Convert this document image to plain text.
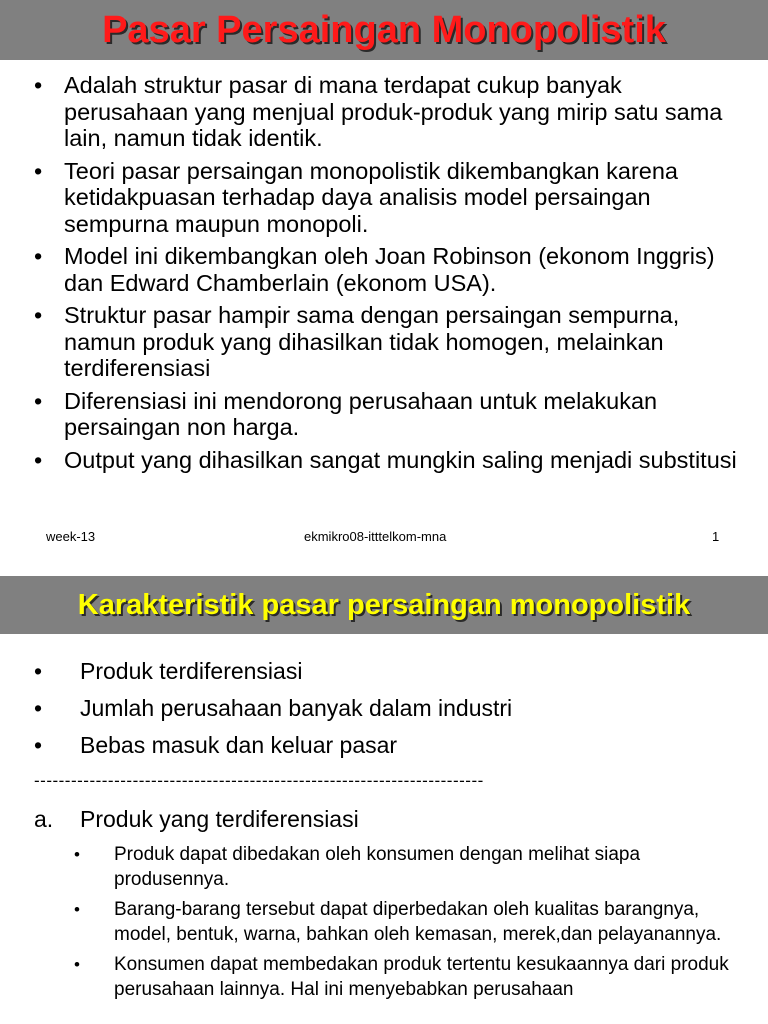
Pasar Persaingan Monopolistik
• Adalah struktur pasar di mana terdapat cukup banyak perusahaan yang menjual produk-produk yang mirip satu sama lain, namun tidak identik.
• Teori pasar persaingan monopolistik dikembangkan karena ketidakpuasan terhadap daya analisis model persaingan sempurna maupun monopoli.
• Model ini dikembangkan oleh Joan Robinson (ekonom Inggris) dan Edward Chamberlain (ekonom USA).
• Struktur pasar hampir sama dengan persaingan sempurna, namun produk yang dihasilkan tidak homogen, melainkan terdiferensiasi
• Diferensiasi ini mendorong perusahaan untuk melakukan persaingan non harga.
• Output yang dihasilkan sangat mungkin saling menjadi substitusi
week-13	ekmikro08-itttelkom-mna	1
Karakteristik pasar persaingan monopolistik
• Produk terdiferensiasi
• Jumlah perusahaan banyak dalam industri
• Bebas masuk dan keluar pasar
-------------------------------------------------------------------------
a. Produk yang terdiferensiasi
• Produk dapat dibedakan oleh konsumen dengan melihat siapa produsennya.
• Barang-barang tersebut dapat diperbedakan oleh kualitas barangnya, model, bentuk, warna, bahkan oleh kemasan, merek,dan pelayanannya.
• Konsumen dapat membedakan produk tertentu kesukaannya dari produk perusahaan lainnya. Hal ini menyebabkan perusahaan
